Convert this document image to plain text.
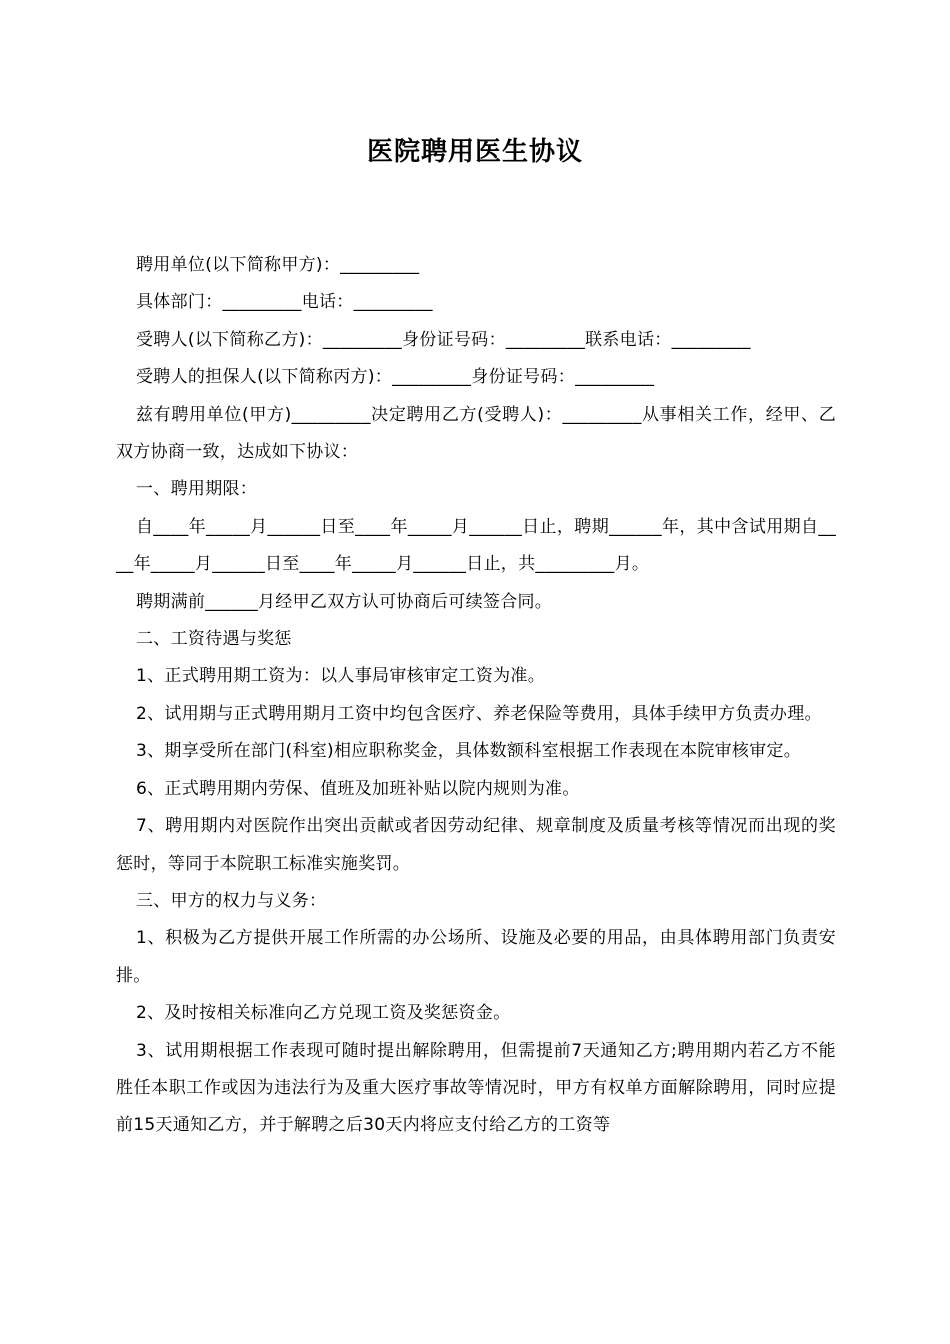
医院聘用医生协议

聘用单位(以下简称甲方)：_________

具体部门：_________电话：_________

受聘人(以下简称乙方)：_________身份证号码：_________联系电话：_________

受聘人的担保人(以下简称丙方)：_________身份证号码：_________

兹有聘用单位(甲方)_________决定聘用乙方(受聘人)：_________从事相关工作，经甲、乙双方协商一致，达成如下协议：

一、聘用期限：

自____年_____月______日至____年_____月______日止，聘期______年，其中含试用期自____年_____月______日至____年_____月______日止，共_________月。

聘期满前______月经甲乙双方认可协商后可续签合同。

二、工资待遇与奖惩

1、正式聘用期工资为：以人事局审核审定工资为准。

2、试用期与正式聘用期月工资中均包含医疗、养老保险等费用，具体手续甲方负责办理。

3、期享受所在部门(科室)相应职称奖金，具体数额科室根据工作表现在本院审核审定。

6、正式聘用期内劳保、值班及加班补贴以院内规则为准。

7、聘用期内对医院作出突出贡献或者因劳动纪律、规章制度及质量考核等情况而出现的奖惩时，等同于本院职工标准实施奖罚。

三、甲方的权力与义务：

1、积极为乙方提供开展工作所需的办公场所、设施及必要的用品，由具体聘用部门负责安排。

2、及时按相关标准向乙方兑现工资及奖惩资金。

3、试用期根据工作表现可随时提出解除聘用，但需提前7天通知乙方;聘用期内若乙方不能胜任本职工作或因为违法行为及重大医疗事故等情况时，甲方有权单方面解除聘用，同时应提前15天通知乙方，并于解聘之后30天内将应支付给乙方的工资等
